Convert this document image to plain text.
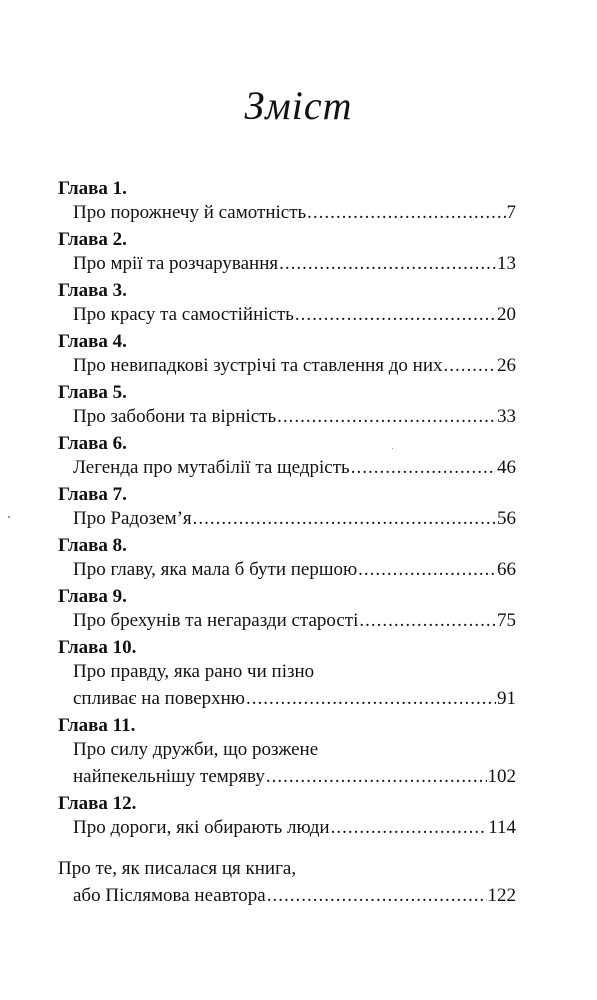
Зміст
Глава 1.
Про порожнечу й самотність .....	7
Глава 2.
Про мрії та розчарування .....	13
Глава 3.
Про красу та самостійність .....	20
Глава 4.
Про невипадкові зустрічі та ставлення до них .....	26
Глава 5.
Про забобони та вірність .....	33
Глава 6.
Легенда про мутабілії та щедрість .....	46
Глава 7.
Про Радозем’я .....	56
Глава 8.
Про главу, яка мала б бути першою .....	66
Глава 9.
Про брехунів та негаразди старості .....	75
Глава 10.
Про правду, яка рано чи пізно
спливає на поверхню .....	91
Глава 11.
Про силу дружби, що розжене
найпекельнішу темряву .....	102
Глава 12.
Про дороги, які обирають люди .....	114
Про те, як писалася ця книга,
або Післямова неавтора .....	122
